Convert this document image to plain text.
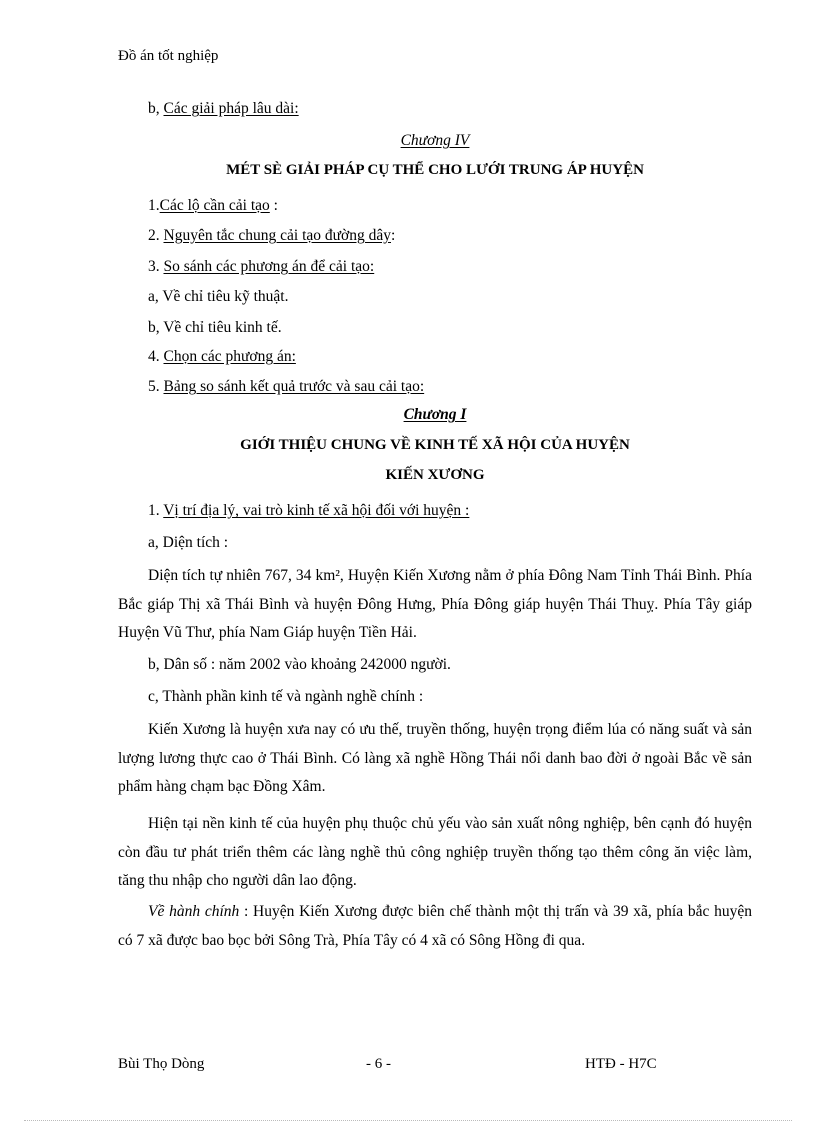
Đồ án tốt nghiệp
b, Các giải pháp lâu dài:
Chương IV
MÉT SÈ GIẢI PHÁP CỤ THỂ CHO LƯỚI TRUNG ÁP HUYỆN
1.Các lộ cần cải tạo :
2. Nguyên tắc chung cải tạo đường dây:
3. So sánh các phương án để cải tạo:
a, Về chỉ tiêu kỹ thuật.
b, Về chỉ tiêu kinh tế.
4. Chọn các phương án:
5. Bảng so sánh kết quả trước và sau cải tạo:
Chương I
GIỚI THIỆU CHUNG VỀ KINH TẾ XÃ HỘI CỦA HUYỆN
KIẾN XƯƠNG
1. Vị trí địa lý, vai trò kinh tế xã hội đối với huyện :
a, Diện tích :
Diện tích tự nhiên 767, 34 km², Huyện Kiến Xương nằm ở phía Đông Nam Tỉnh Thái Bình. Phía Bắc giáp Thị xã Thái Bình và huyện Đông Hưng, Phía Đông giáp huyện Thái Thuỵ. Phía Tây giáp Huyện Vũ Thư, phía Nam Giáp huyện Tiền Hải.
b, Dân số : năm 2002 vào khoảng 242000 người.
c, Thành phần kinh tế và ngành nghề chính :
Kiến Xương là huyện xưa nay có ưu thế, truyền thống, huyện trọng điểm lúa có năng suất và sản lượng lương thực cao ở Thái Bình. Có làng xã nghề Hồng Thái nổi danh bao đời ở ngoài Bắc về sản phẩm hàng chạm bạc Đồng Xâm.
Hiện tại nền kinh tế của huyện phụ thuộc chủ yếu vào sản xuất nông nghiệp, bên cạnh đó huyện còn đầu tư phát triển thêm các làng nghề thủ công nghiệp truyền thống tạo thêm công ăn việc làm, tăng thu nhập cho người dân lao động.
Về hành chính : Huyện Kiến Xương được biên chế thành một thị trấn và 39 xã, phía bắc huyện có 7 xã được bao bọc bởi Sông Trà, Phía Tây có 4 xã có Sông Hồng đi qua.
Bùi Thọ Dòng	- 6 -	HTĐ - H7C
